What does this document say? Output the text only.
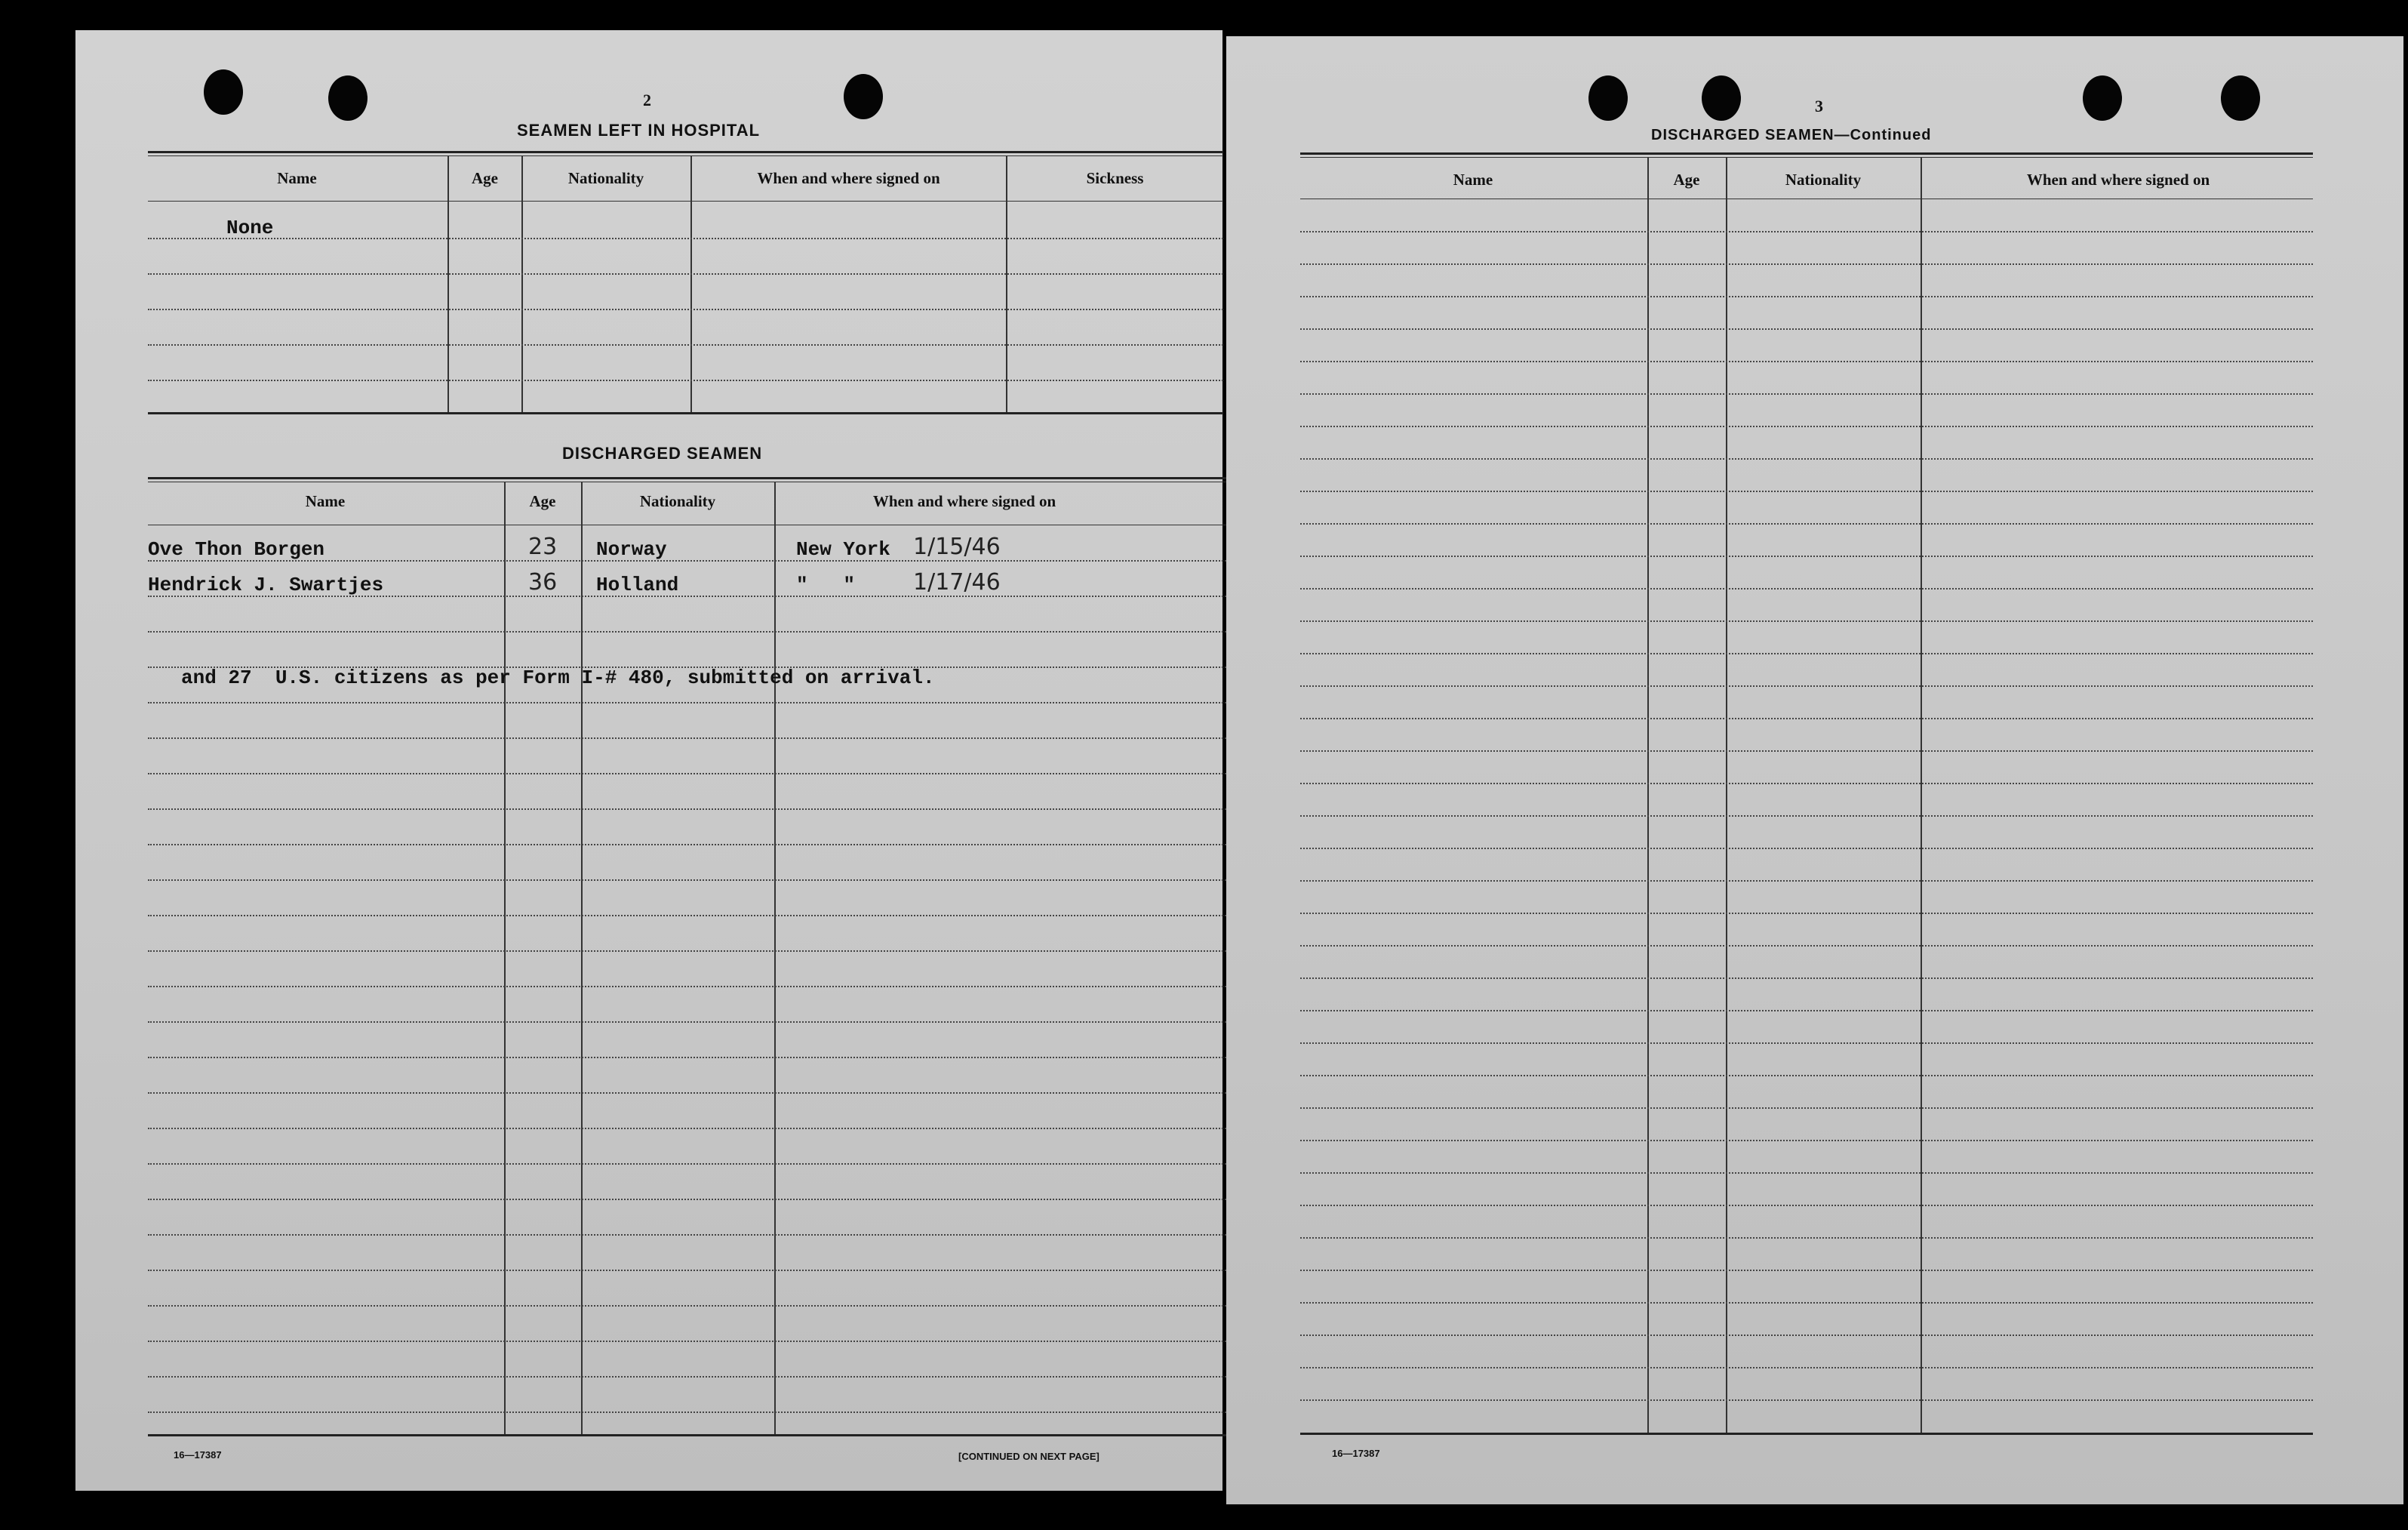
2
SEAMEN LEFT IN HOSPITAL
Name	Age	Nationality	When and where signed on	Sickness
None
DISCHARGED SEAMEN
Name	Age	Nationality	When and where signed on
Ove Thon Borgen	23 Norway	New York 1/15/46
Hendrick J. Swartjes	36 Holland	"   "	1/17/46
and 27  U.S. citizens as per Form I-# 480, submitted on arrival.
16—17387	[CONTINUED ON NEXT PAGE]
3
DISCHARGED SEAMEN—Continued
Name	Age	Nationality	When and where signed on
16—17387
